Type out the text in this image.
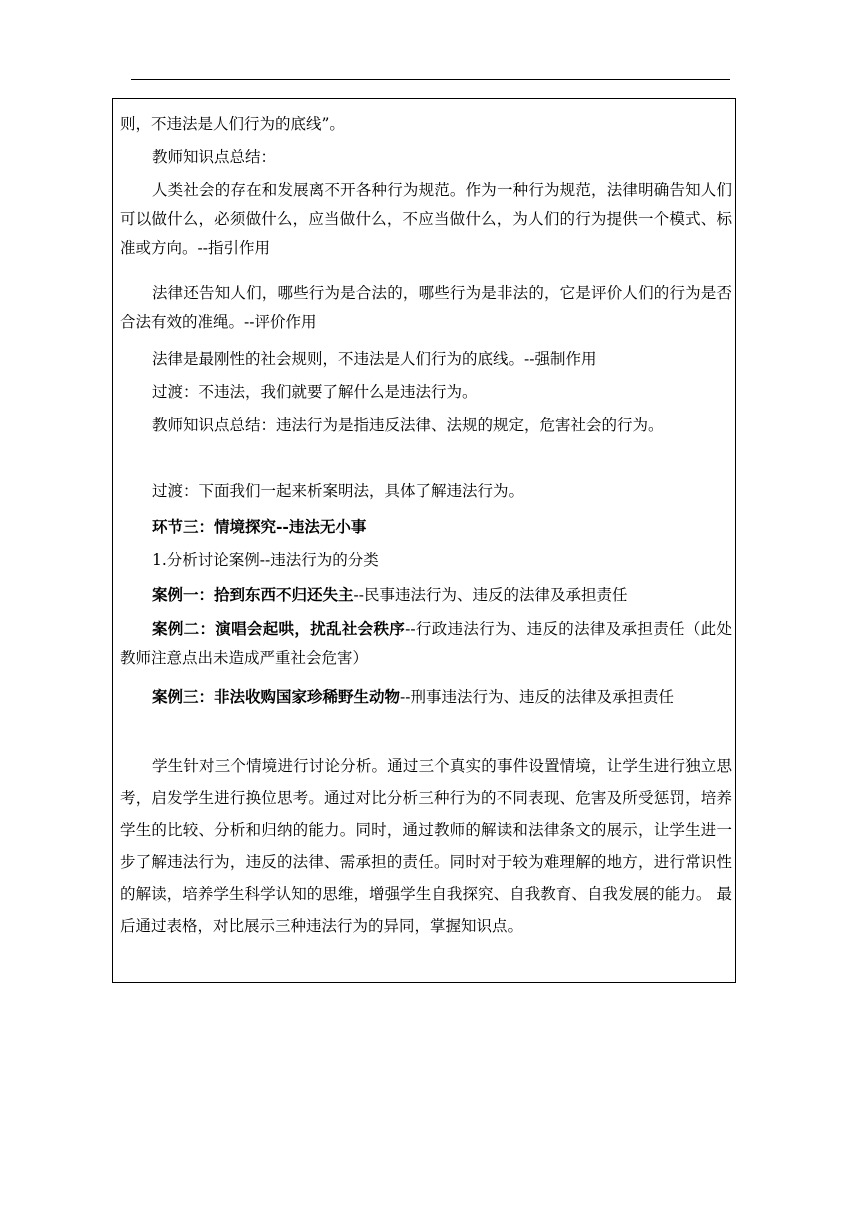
则，不违法是人们行为的底线”。

教师知识点总结：

人类社会的存在和发展离不开各种行为规范。作为一种行为规范，法律明确告知人们可以做什么，必须做什么，应当做什么，不应当做什么，为人们的行为提供一个模式、标准或方向。--指引作用

法律还告知人们，哪些行为是合法的，哪些行为是非法的，它是评价人们的行为是否合法有效的准绳。--评价作用

法律是最刚性的社会规则，不违法是人们行为的底线。--强制作用

过渡：不违法，我们就要了解什么是违法行为。

教师知识点总结：违法行为是指违反法律、法规的规定，危害社会的行为。

过渡：下面我们一起来析案明法，具体了解违法行为。

环节三：情境探究--违法无小事

1.分析讨论案例--违法行为的分类

案例一：拾到东西不归还失主--民事违法行为、违反的法律及承担责任

案例二：演唱会起哄，扰乱社会秩序--行政违法行为、违反的法律及承担责任（此处教师注意点出未造成严重社会危害）

案例三：非法收购国家珍稀野生动物--刑事违法行为、违反的法律及承担责任

学生针对三个情境进行讨论分析。通过三个真实的事件设置情境，让学生进行独立思考，启发学生进行换位思考。通过对比分析三种行为的不同表现、危害及所受惩罚，培养学生的比较、分析和归纳的能力。同时，通过教师的解读和法律条文的展示，让学生进一步了解违法行为，违反的法律、需承担的责任。同时对于较为难理解的地方，进行常识性的解读，培养学生科学认知的思维，增强学生自我探究、自我教育、自我发展的能力。 最后通过表格，对比展示三种违法行为的异同，掌握知识点。
